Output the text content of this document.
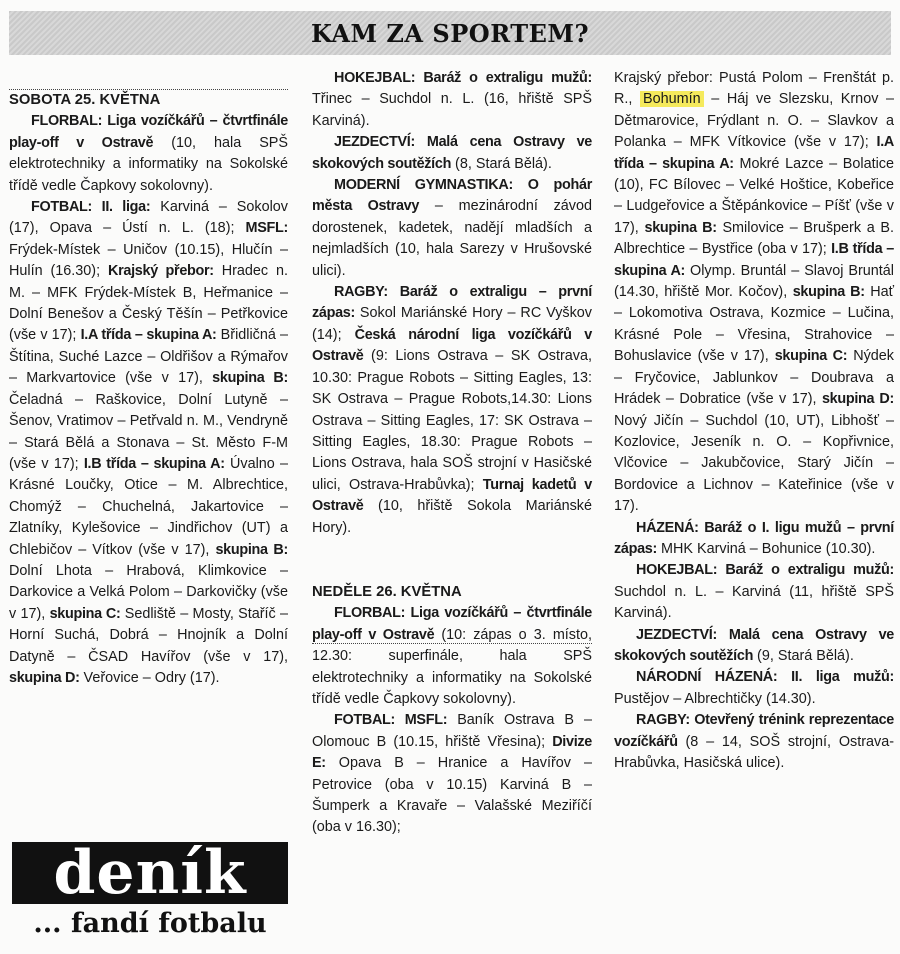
KAM ZA SPORTEM?

SOBOTA 25. KVĚTNA

FLORBAL: Liga vozíčkářů – čtvrtfinále play-off v Ostravě (10, hala SPŠ elektrotechniky a informatiky na Sokolské třídě vedle Čapkovy sokolovny).

FOTBAL: II. liga: Karviná – Sokolov (17), Opava – Ústí n. L. (18); MSFL: Frýdek-Místek – Uničov (10.15), Hlučín – Hulín (16.30); Krajský přebor: Hradec n. M. – MFK Frýdek-Místek B, Heřmanice – Dolní Benešov a Český Těšín – Petřkovice (vše v 17); I.A třída – skupina A: Břidličná – Štítina, Suché Lazce – Oldřišov a Rýmařov – Markvartovice (vše v 17), skupina B: Čeladná – Raškovice, Dolní Lutyně – Šenov, Vratimov – Petřvald n. M., Vendryně – Stará Bělá a Stonava – St. Město F-M (vše v 17); I.B třída – skupina A: Úvalno – Krásné Loučky, Otice – M. Albrechtice, Chomýž – Chuchelná, Jakartovice – Zlatníky, Kylešovice – Jindřichov (UT) a Chlebičov – Vítkov (vše v 17), skupina B: Dolní Lhota – Hrabová, Klimkovice – Darkovice a Velká Polom – Darkovičky (vše v 17), skupina C: Sedliště – Mosty, Staříč – Horní Suchá, Dobrá – Hnojník a Dolní Datyně – ČSAD Havířov (vše v 17), skupina D: Veřovice – Odry (17).

HOKEJBAL: Baráž o extraligu mužů: Třinec – Suchdol n. L. (16, hřiště SPŠ Karviná).

JEZDECTVÍ: Malá cena Ostravy ve skokových soutěžích (8, Stará Bělá).

MODERNÍ GYMNASTIKA: O pohár města Ostravy – mezinárodní závod dorostenek, kadetek, nadějí mladších a nejmladších (10, hala Sarezy v Hrušovské ulici).

RAGBY: Baráž o extraligu – první zápas: Sokol Mariánské Hory – RC Vyškov (14); Česká národní liga vozíčkářů v Ostravě (9: Lions Ostrava – SK Ostrava, 10.30: Prague Robots – Sitting Eagles, 13: SK Ostrava – Prague Robots,14.30: Lions Ostrava – Sitting Eagles, 17: SK Ostrava – Sitting Eagles, 18.30: Prague Robots – Lions Ostrava, hala SOŠ strojní v Hasičské ulici, Ostrava-Hrabůvka); Turnaj kadetů v Ostravě (10, hřiště Sokola Mariánské Hory).

NEDĚLE 26. KVĚTNA

FLORBAL: Liga vozíčkářů – čtvrtfinále play-off v Ostravě (10: zápas o 3. místo, 12.30: superfinále, hala SPŠ elektrotechniky a informatiky na Sokolské třídě vedle Čapkovy sokolovny).

FOTBAL: MSFL: Baník Ostrava B – Olomouc B (10.15, hřiště Vřesina); Divize E: Opava B – Hranice a Havířov – Petrovice (oba v 10.15) Karviná B – Šumperk a Kravaře – Valašské Meziříčí (oba v 16.30);

Krajský přebor: Pustá Polom – Frenštát p. R., Bohumín – Háj ve Slezsku, Krnov – Dětmarovice, Frýdlant n. O. – Slavkov a Polanka – MFK Vítkovice (vše v 17); I.A třída – skupina A: Mokré Lazce – Bolatice (10), FC Bílovec – Velké Hoštice, Kobeřice – Ludgeřovice a Štěpánkovice – Píšť (vše v 17), skupina B: Smilovice – Brušperk a B. Albrechtice – Bystřice (oba v 17); I.B třída – skupina A: Olymp. Bruntál – Slavoj Bruntál (14.30, hřiště Mor. Kočov), skupina B: Hať – Lokomotiva Ostrava, Kozmice – Lučina, Krásné Pole – Vřesina, Strahovice – Bohuslavice (vše v 17), skupina C: Nýdek – Fryčovice, Jablunkov – Doubrava a Hrádek – Dobratice (vše v 17), skupina D: Nový Jičín – Suchdol (10, UT), Libhošť – Kozlovice, Jeseník n. O. – Kopřivnice, Vlčovice – Jakubčovice, Starý Jičín – Bordovice a Lichnov – Kateřinice (vše v 17).

HÁZENÁ: Baráž o I. ligu mužů – první zápas: MHK Karviná – Bohunice (10.30).

HOKEJBAL: Baráž o extraligu mužů: Suchdol n. L. – Karviná (11, hřiště SPŠ Karviná).

JEZDECTVÍ: Malá cena Ostravy ve skokových soutěžích (9, Stará Bělá).

NÁRODNÍ HÁZENÁ: II. liga mužů: Pustějov – Albrechtičky (14.30).

RAGBY: Otevřený trénink reprezentace vozíčkářů (8 – 14, SOŠ strojní, Ostrava-Hrabůvka, Hasičská ulice).

deník
... fandí fotbalu
